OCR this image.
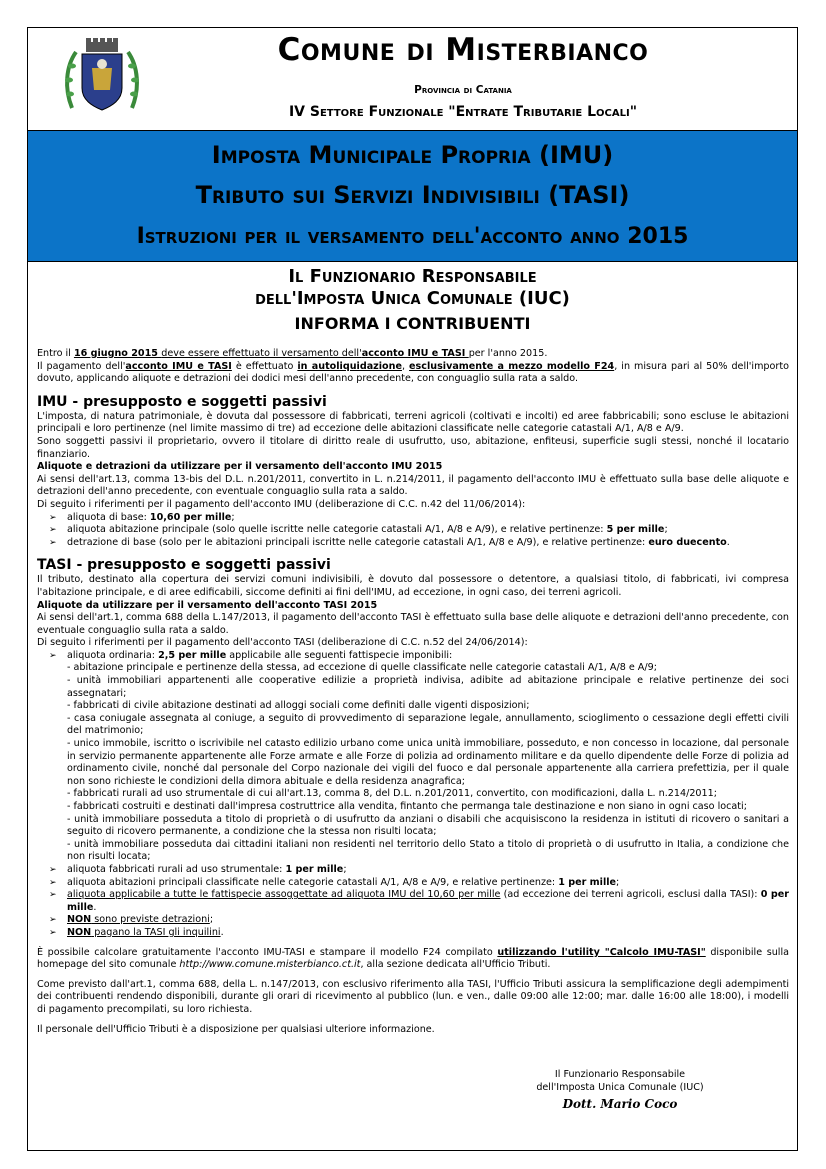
Comune di Misterbianco
Provincia di Catania
IV Settore Funzionale "Entrate Tributarie Locali"
Imposta Municipale Propria (IMU)
Tributo sui Servizi Indivisibili (TASI)
Istruzioni per il versamento dell'acconto anno 2015
Il Funzionario Responsabile
dell'Imposta Unica Comunale (IUC)
INFORMA I CONTRIBUENTI

Entro il 16 giugno 2015 deve essere effettuato il versamento dell'acconto IMU e TASI per l'anno 2015.

Il pagamento dell'acconto IMU e TASI è effettuato in autoliquidazione, esclusivamente a mezzo modello F24, in misura pari al 50% dell'importo dovuto, applicando aliquote e detrazioni dei dodici mesi dell'anno precedente, con conguaglio sulla rata a saldo.

IMU - presupposto e soggetti passivi

L'imposta, di natura patrimoniale, è dovuta dal possessore di fabbricati, terreni agricoli (coltivati e incolti) ed aree fabbricabili; sono escluse le abitazioni principali e loro pertinenze (nel limite massimo di tre) ad eccezione delle abitazioni classificate nelle categorie catastali A/1, A/8 e A/9.

Sono soggetti passivi il proprietario, ovvero il titolare di diritto reale di usufrutto, uso, abitazione, enfiteusi, superficie sugli stessi, nonché il locatario finanziario.

Aliquote e detrazioni da utilizzare per il versamento dell'acconto IMU 2015

Ai sensi dell'art.13, comma 13-bis del D.L. n.201/2011, convertito in L. n.214/2011, il pagamento dell'acconto IMU è effettuato sulla base delle aliquote e detrazioni dell'anno precedente, con eventuale conguaglio sulla rata a saldo.

Di seguito i riferimenti per il pagamento dell'acconto IMU (deliberazione di C.C. n.42 del 11/06/2014):

➢ aliquota di base: 10,60 per mille;
➢ aliquota abitazione principale (solo quelle iscritte nelle categorie catastali A/1, A/8 e A/9), e relative pertinenze: 5 per mille;
➢ detrazione di base (solo per le abitazioni principali iscritte nelle categorie catastali A/1, A/8 e A/9), e relative pertinenze: euro duecento.

TASI - presupposto e soggetti passivi

Il tributo, destinato alla copertura dei servizi comuni indivisibili, è dovuto dal possessore o detentore, a qualsiasi titolo, di fabbricati, ivi compresa l'abitazione principale, e di aree edificabili, siccome definiti ai fini dell'IMU, ad eccezione, in ogni caso, dei terreni agricoli.

Aliquote da utilizzare per il versamento dell'acconto TASI 2015

Ai sensi dell'art.1, comma 688 della L.147/2013, il pagamento dell'acconto TASI è effettuato sulla base delle aliquote e detrazioni dell'anno precedente, con eventuale conguaglio sulla rata a saldo.

Di seguito i riferimenti per il pagamento dell'acconto TASI (deliberazione di C.C. n.52 del 24/06/2014):

➢ aliquota ordinaria: 2,5 per mille applicabile alle seguenti fattispecie imponibili:
- abitazione principale e pertinenze della stessa, ad eccezione di quelle classificate nelle categorie catastali A/1, A/8 e A/9;
- unità immobiliari appartenenti alle cooperative edilizie a proprietà indivisa, adibite ad abitazione principale e relative pertinenze dei soci assegnatari;
- fabbricati di civile abitazione destinati ad alloggi sociali come definiti dalle vigenti disposizioni;
- casa coniugale assegnata al coniuge, a seguito di provvedimento di separazione legale, annullamento, scioglimento o cessazione degli effetti civili del matrimonio;
- unico immobile, iscritto o iscrivibile nel catasto edilizio urbano come unica unità immobiliare, posseduto, e non concesso in locazione, dal personale in servizio permanente appartenente alle Forze armate e alle Forze di polizia ad ordinamento militare e da quello dipendente delle Forze di polizia ad ordinamento civile, nonché dal personale del Corpo nazionale dei vigili del fuoco e dal personale appartenente alla carriera prefettizia, per il quale non sono richieste le condizioni della dimora abituale e della residenza anagrafica;
- fabbricati rurali ad uso strumentale di cui all'art.13, comma 8, del D.L. n.201/2011, convertito, con modificazioni, dalla L. n.214/2011;
- fabbricati costruiti e destinati dall'impresa costruttrice alla vendita, fintanto che permanga tale destinazione e non siano in ogni caso locati;
- unità immobiliare posseduta a titolo di proprietà o di usufrutto da anziani o disabili che acquisiscono la residenza in istituti di ricovero o sanitari a seguito di ricovero permanente, a condizione che la stessa non risulti locata;
- unità immobiliare posseduta dai cittadini italiani non residenti nel territorio dello Stato a titolo di proprietà o di usufrutto in Italia, a condizione che non risulti locata;
➢ aliquota fabbricati rurali ad uso strumentale: 1 per mille;
➢ aliquota abitazioni principali classificate nelle categorie catastali A/1, A/8 e A/9, e relative pertinenze: 1 per mille;
➢ aliquota applicabile a tutte le fattispecie assoggettate ad aliquota IMU del 10,60 per mille (ad eccezione dei terreni agricoli, esclusi dalla TASI): 0 per mille.
➢ NON sono previste detrazioni;
➢ NON pagano la TASI gli inquilini.

È possibile calcolare gratuitamente l'acconto IMU-TASI e stampare il modello F24 compilato utilizzando l'utility "Calcolo IMU-TASI" disponibile sulla homepage del sito comunale http://www.comune.misterbianco.ct.it, alla sezione dedicata all'Ufficio Tributi.

Come previsto dall'art.1, comma 688, della L. n.147/2013, con esclusivo riferimento alla TASI, l'Ufficio Tributi assicura la semplificazione degli adempimenti dei contribuenti rendendo disponibili, durante gli orari di ricevimento al pubblico (lun. e ven., dalle 09:00 alle 12:00; mar. dalle 16:00 alle 18:00), i modelli di pagamento precompilati, su loro richiesta.

Il personale dell'Ufficio Tributi è a disposizione per qualsiasi ulteriore informazione.

Il Funzionario Responsabile
dell'Imposta Unica Comunale (IUC)
Dott. Mario Coco
